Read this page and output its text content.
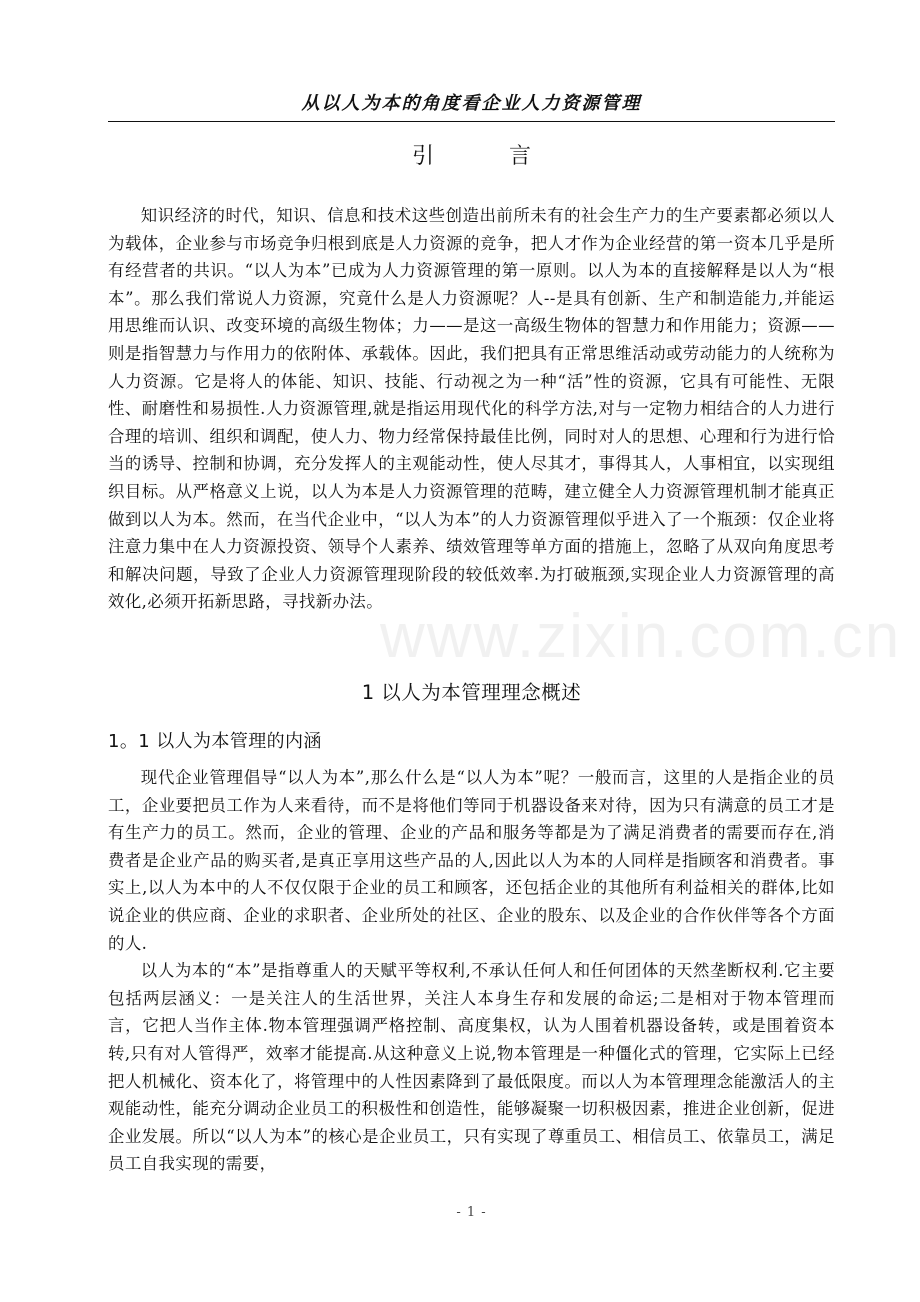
从以人为本的角度看企业人力资源管理
引 言

知识经济的时代，知识、信息和技术这些创造出前所未有的社会生产力的生产要素都必须以人为载体，企业参与市场竞争归根到底是人力资源的竞争，把人才作为企业经营的第一资本几乎是所有经营者的共识。“以人为本”已成为人力资源管理的第一原则。以人为本的直接解释是以人为“根本”。那么我们常说人力资源，究竟什么是人力资源呢？人--是具有创新、生产和制造能力,并能运用思维而认识、改变环境的高级生物体；力——是这一高级生物体的智慧力和作用能力；资源——则是指智慧力与作用力的依附体、承载体。因此，我们把具有正常思维活动或劳动能力的人统称为人力资源。它是将人的体能、知识、技能、行动视之为一种“活”性的资源，它具有可能性、无限性、耐磨性和易损性.人力资源管理,就是指运用现代化的科学方法,对与一定物力相结合的人力进行合理的培训、组织和调配，使人力、物力经常保持最佳比例，同时对人的思想、心理和行为进行恰当的诱导、控制和协调，充分发挥人的主观能动性，使人尽其才，事得其人，人事相宜，以实现组织目标。从严格意义上说，以人为本是人力资源管理的范畴，建立健全人力资源管理机制才能真正做到以人为本。然而，在当代企业中，“以人为本”的人力资源管理似乎进入了一个瓶颈：仅企业将注意力集中在人力资源投资、领导个人素养、绩效管理等单方面的措施上，忽略了从双向角度思考和解决问题，导致了企业人力资源管理现阶段的较低效率.为打破瓶颈,实现企业人力资源管理的高效化,必须开拓新思路，寻找新办法。

www.zixin.com.cn
1 以人为本管理理念概述
1。1 以人为本管理的内涵

现代企业管理倡导“以人为本”,那么什么是“以人为本”呢？一般而言，这里的人是指企业的员工，企业要把员工作为人来看待，而不是将他们等同于机器设备来对待，因为只有满意的员工才是有生产力的员工。然而，企业的管理、企业的产品和服务等都是为了满足消费者的需要而存在,消费者是企业产品的购买者,是真正享用这些产品的人,因此以人为本的人同样是指顾客和消费者。事实上,以人为本中的人不仅仅限于企业的员工和顾客，还包括企业的其他所有利益相关的群体,比如说企业的供应商、企业的求职者、企业所处的社区、企业的股东、以及企业的合作伙伴等各个方面的人.

以人为本的“本”是指尊重人的天赋平等权利,不承认任何人和任何团体的天然垄断权利.它主要包括两层涵义：一是关注人的生活世界，关注人本身生存和发展的命运;二是相对于物本管理而言，它把人当作主体.物本管理强调严格控制、高度集权，认为人围着机器设备转，或是围着资本转,只有对人管得严，效率才能提高.从这种意义上说,物本管理是一种僵化式的管理，它实际上已经把人机械化、资本化了，将管理中的人性因素降到了最低限度。而以人为本管理理念能激活人的主观能动性，能充分调动企业员工的积极性和创造性，能够凝聚一切积极因素，推进企业创新，促进企业发展。所以“以人为本”的核心是企业员工，只有实现了尊重员工、相信员工、依靠员工，满足员工自我实现的需要，

- 1 -
